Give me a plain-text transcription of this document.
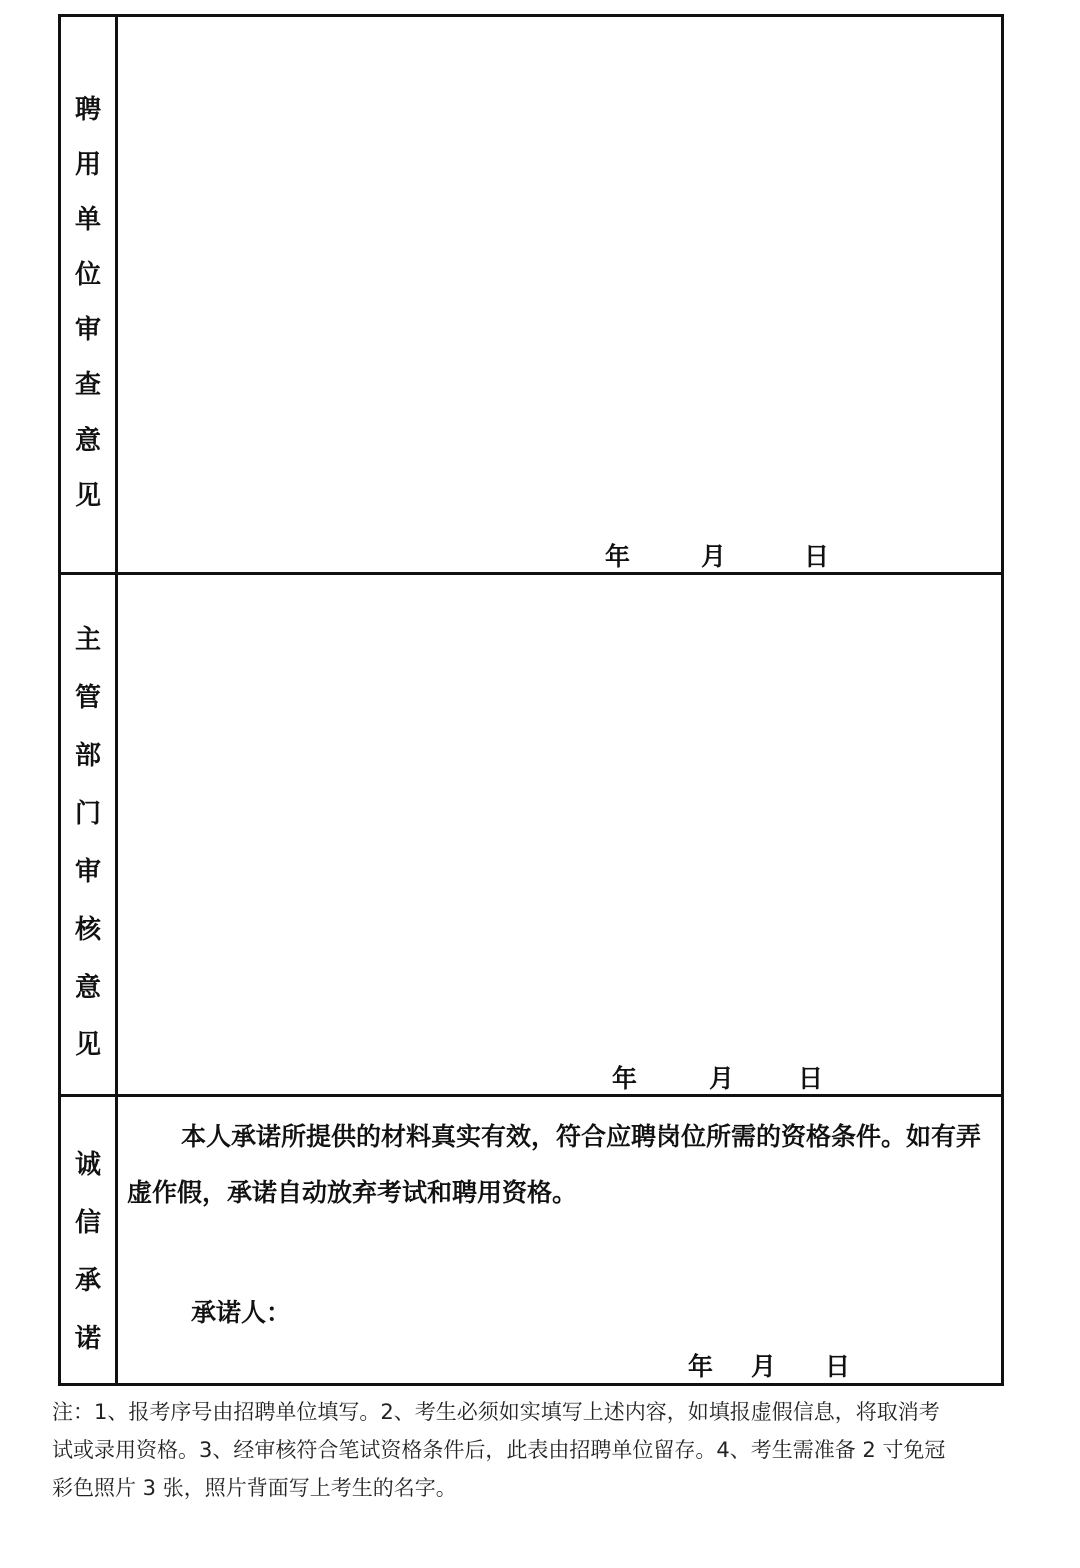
聘
用
单
位
审
查
意
见
年	月	日
主
管
部
门
审
核
意
见
年	月	日
诚
信
承
诺

本人承诺所提供的材料真实有效，符合应聘岗位所需的资格条件。如有弄

虚作假，承诺自动放弃考试和聘用资格。

承诺人：
年 月 日

注：1、报考序号由招聘单位填写。2、考生必须如实填写上述内容，如填报虚假信息，将取消考

试或录用资格。3、经审核符合笔试资格条件后，此表由招聘单位留存。4、考生需准备 2 寸免冠

彩色照片 3 张，照片背面写上考生的名字。
